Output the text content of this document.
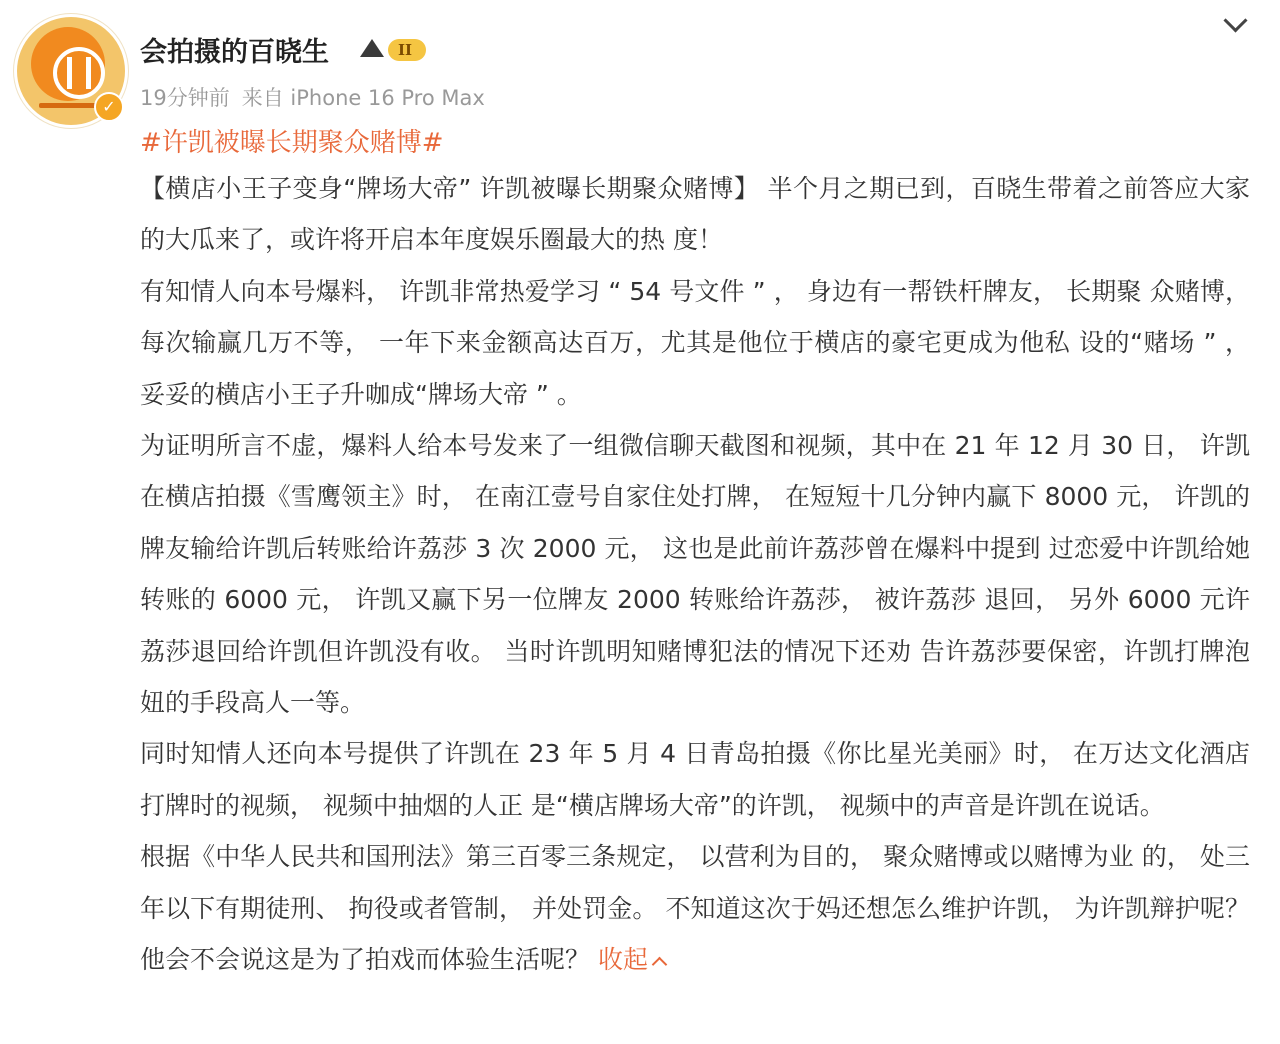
✓
会拍摄的百晓生	II
19分钟前 来自 iPhone 16 Pro Max
#许凯被曝长期聚众赌博#

【横店小王子变身“牌场大帝” 许凯被曝长期聚众赌博】 半个月之期已到，百晓生带着之前答应大家的大瓜来了，或许将开启本年度娱乐圈最大的热 度！

有知情人向本号爆料， 许凯非常热爱学习 “ 54 号文件 ” ， 身边有一帮铁杆牌友， 长期聚 众赌博， 每次输赢几万不等， 一年下来金额高达百万，尤其是他位于横店的豪宅更成为他私 设的“赌场 ” ， 妥妥的横店小王子升咖成“牌场大帝 ” 。

为证明所言不虚，爆料人给本号发来了一组微信聊天截图和视频，其中在 21 年 12 月 30 日， 许凯在横店拍摄《雪鹰领主》时， 在南江壹号自家住处打牌， 在短短十几分钟内赢下 8000 元， 许凯的牌友输给许凯后转账给许荔莎 3 次 2000 元， 这也是此前许荔莎曾在爆料中提到 过恋爱中许凯给她转账的 6000 元， 许凯又赢下另一位牌友 2000 转账给许荔莎， 被许荔莎 退回， 另外 6000 元许荔莎退回给许凯但许凯没有收。 当时许凯明知赌博犯法的情况下还劝 告许荔莎要保密，许凯打牌泡妞的手段高人一等。

同时知情人还向本号提供了许凯在 23 年 5 月 4 日青岛拍摄《你比星光美丽》时， 在万达文化酒店打牌时的视频， 视频中抽烟的人正 是“横店牌场大帝”的许凯， 视频中的声音是许凯在说话。

根据《中华人民共和国刑法》第三百零三条规定， 以营利为目的， 聚众赌博或以赌博为业 的， 处三年以下有期徒刑、 拘役或者管制， 并处罚金。 不知道这次于妈还想怎么维护许凯， 为许凯辩护呢？他会不会说这是为了拍戏而体验生活呢？ 收起
